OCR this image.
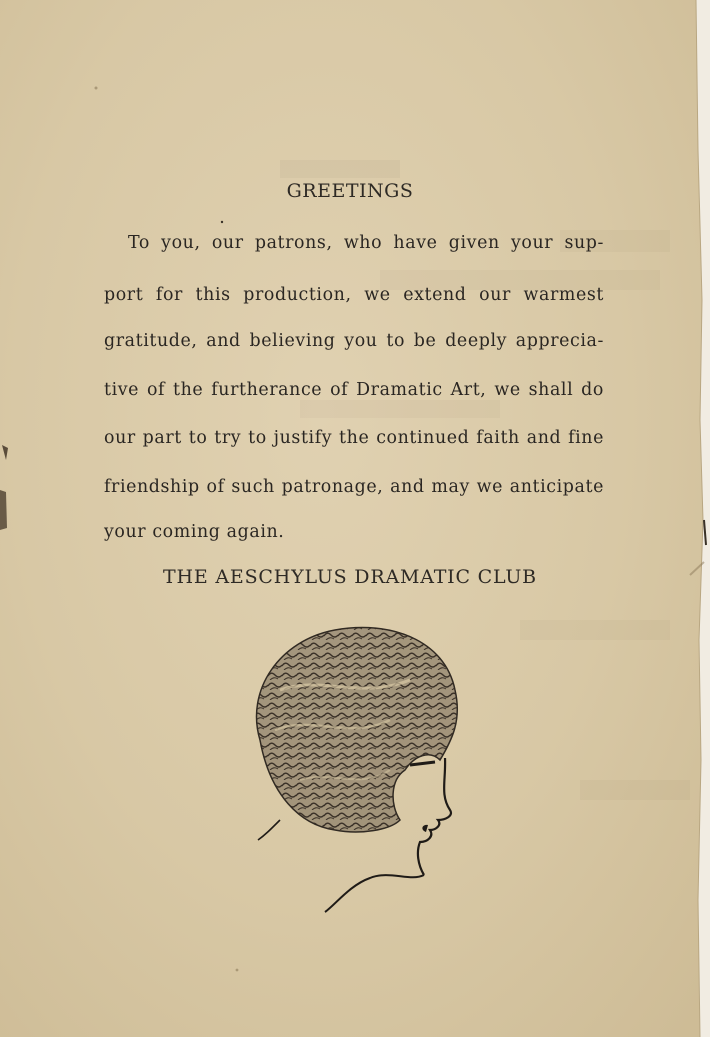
GREETINGS
To you, our patrons, who have given your sup-
port for this production, we extend our warmest
gratitude, and believing you to be deeply apprecia-
tive of the furtherance of Dramatic Art, we shall do
our part to try to justify the continued faith and fine
friendship of such patronage, and may we anticipate
your coming again.
THE AESCHYLUS DRAMATIC CLUB
